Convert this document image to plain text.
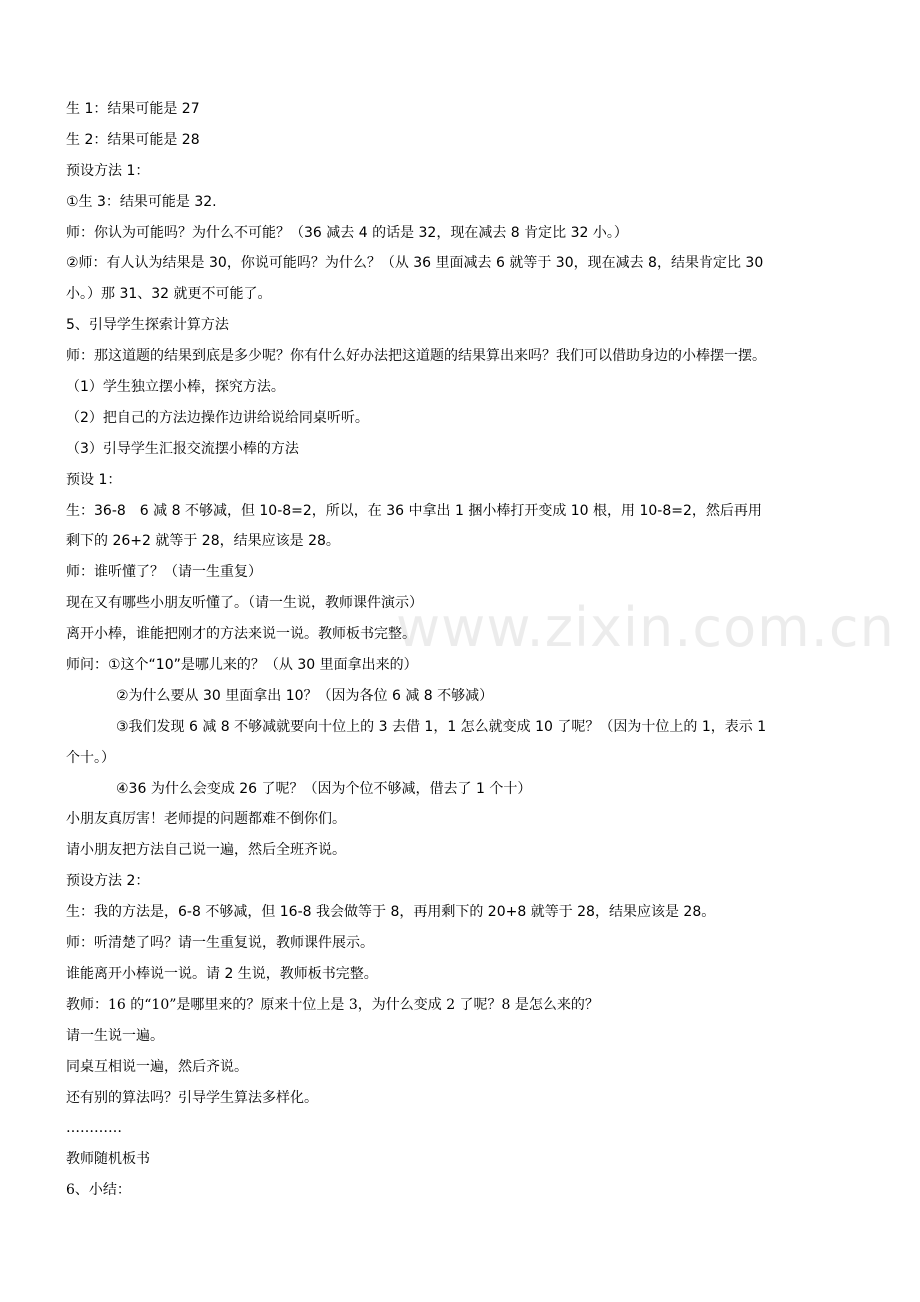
www.zixin.com.cn
生 1：结果可能是 27
生 2：结果可能是 28
预设方法 1：
①生 3：结果可能是 32.
师：你认为可能吗？为什么不可能？（36 减去 4 的话是 32，现在减去 8 肯定比 32 小。）
②师：有人认为结果是 30，你说可能吗？为什么？（从 36 里面减去 6 就等于 30，现在减去 8，结果肯定比 30
小。）那 31、32 就更不可能了。
5、引导学生探索计算方法
师：那这道题的结果到底是多少呢？你有什么好办法把这道题的结果算出来吗？我们可以借助身边的小棒摆一摆。
（1）学生独立摆小棒，探究方法。
（2）把自己的方法边操作边讲给说给同桌听听。
（3）引导学生汇报交流摆小棒的方法
预设 1：
生：36-8　6 减 8 不够减，但 10-8=2，所以，在 36 中拿出 1 捆小棒打开变成 10 根，用 10-8=2，然后再用
剩下的 26+2 就等于 28，结果应该是 28。
师：谁听懂了？（请一生重复）
现在又有哪些小朋友听懂了。（请一生说，教师课件演示）
离开小棒，谁能把刚才的方法来说一说。教师板书完整。
师问：①这个“10”是哪儿来的？（从 30 里面拿出来的）
②为什么要从 30 里面拿出 10？（因为各位 6 减 8 不够减）
③我们发现 6 减 8 不够减就要向十位上的 3 去借 1，1 怎么就变成 10 了呢？（因为十位上的 1，表示 1
个十。）
④36 为什么会变成 26 了呢？（因为个位不够减，借去了 1 个十）
小朋友真厉害！老师提的问题都难不倒你们。
请小朋友把方法自己说一遍，然后全班齐说。
预设方法 2：
生：我的方法是，6-8 不够减，但 16-8 我会做等于 8，再用剩下的 20+8 就等于 28，结果应该是 28。
师：听清楚了吗？请一生重复说，教师课件展示。
谁能离开小棒说一说。请 2 生说，教师板书完整。
教师：16 的“10”是哪里来的？原来十位上是 3，为什么变成 2 了呢？8 是怎么来的？
请一生说一遍。
同桌互相说一遍，然后齐说。
还有别的算法吗？引导学生算法多样化。
…………
教师随机板书
6、小结：
